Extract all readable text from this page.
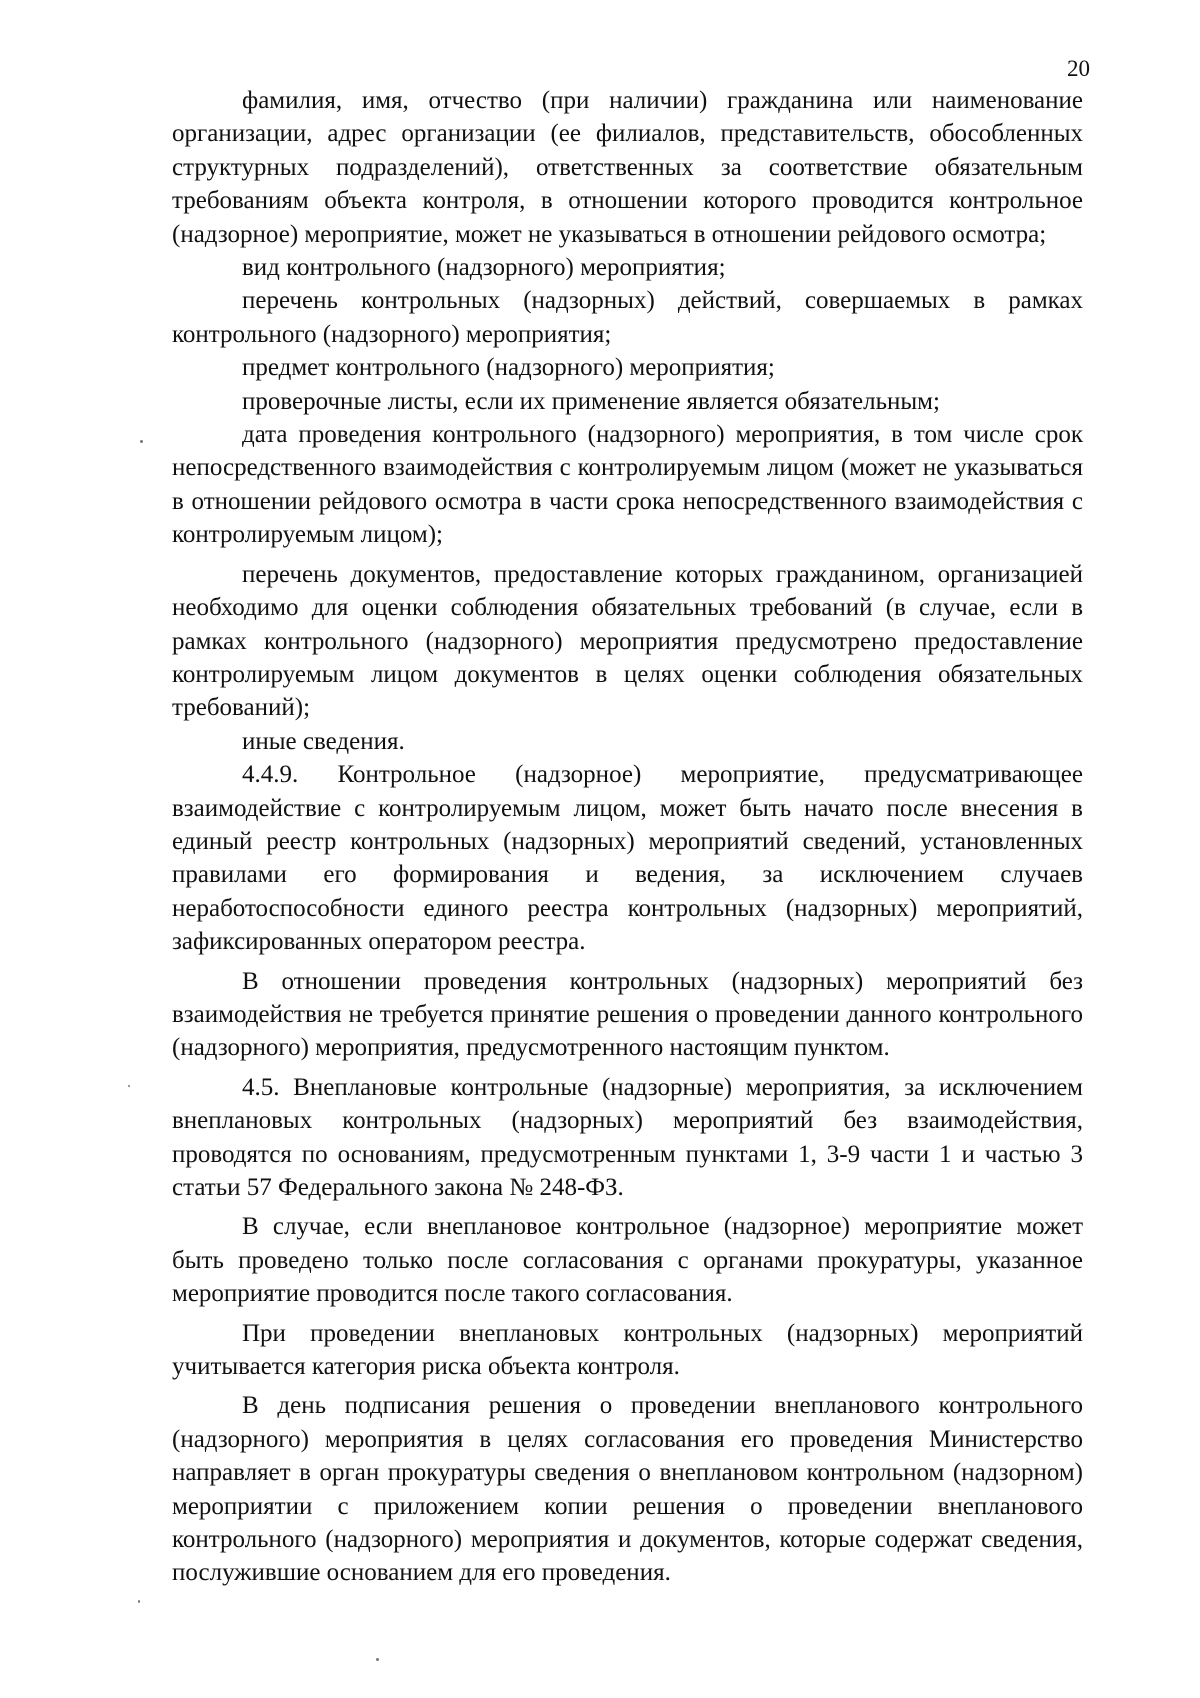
20

фамилия, имя, отчество (при наличии) гражданина или наименование организации, адрес организации (ее филиалов, представительств, обособленных структурных подразделений), ответственных за соответствие обязательным требованиям объекта контроля, в отношении которого проводится контрольное (надзорное) мероприятие, может не указываться в отношении рейдового осмотра;

вид контрольного (надзорного) мероприятия;

перечень контрольных (надзорных) действий, совершаемых в рамках контрольного (надзорного) мероприятия;

предмет контрольного (надзорного) мероприятия;

проверочные листы, если их применение является обязательным;

дата проведения контрольного (надзорного) мероприятия, в том числе срок непосредственного взаимодействия с контролируемым лицом (может не указываться в отношении рейдового осмотра в части срока непосредственного взаимодействия с контролируемым лицом);

перечень документов, предоставление которых гражданином, организацией необходимо для оценки соблюдения обязательных требований (в случае, если в рамках контрольного (надзорного) мероприятия предусмотрено предоставление контролируемым лицом документов в целях оценки соблюдения обязательных требований);

иные сведения.

4.4.9. Контрольное (надзорное) мероприятие, предусматривающее взаимодействие с контролируемым лицом, может быть начато после внесения в единый реестр контрольных (надзорных) мероприятий сведений, установленных правилами его формирования и ведения, за исключением случаев неработоспособности единого реестра контрольных (надзорных) мероприятий, зафиксированных оператором реестра.

В отношении проведения контрольных (надзорных) мероприятий без взаимодействия не требуется принятие решения о проведении данного контрольного (надзорного) мероприятия, предусмотренного настоящим пунктом.

4.5. Внеплановые контрольные (надзорные) мероприятия, за исключением внеплановых контрольных (надзорных) мероприятий без взаимодействия, проводятся по основаниям, предусмотренным пунктами 1, 3-9 части 1 и частью 3 статьи 57 Федерального закона № 248-ФЗ.

В случае, если внеплановое контрольное (надзорное) мероприятие может быть проведено только после согласования с органами прокуратуры, указанное мероприятие проводится после такого согласования.

При проведении внеплановых контрольных (надзорных) мероприятий учитывается категория риска объекта контроля.

В день подписания решения о проведении внепланового контрольного (надзорного) мероприятия в целях согласования его проведения Министерство направляет в орган прокуратуры сведения о внеплановом контрольном (надзорном) мероприятии с приложением копии решения о проведении внепланового контрольного (надзорного) мероприятия и документов, которые содержат сведения, послужившие основанием для его проведения.
